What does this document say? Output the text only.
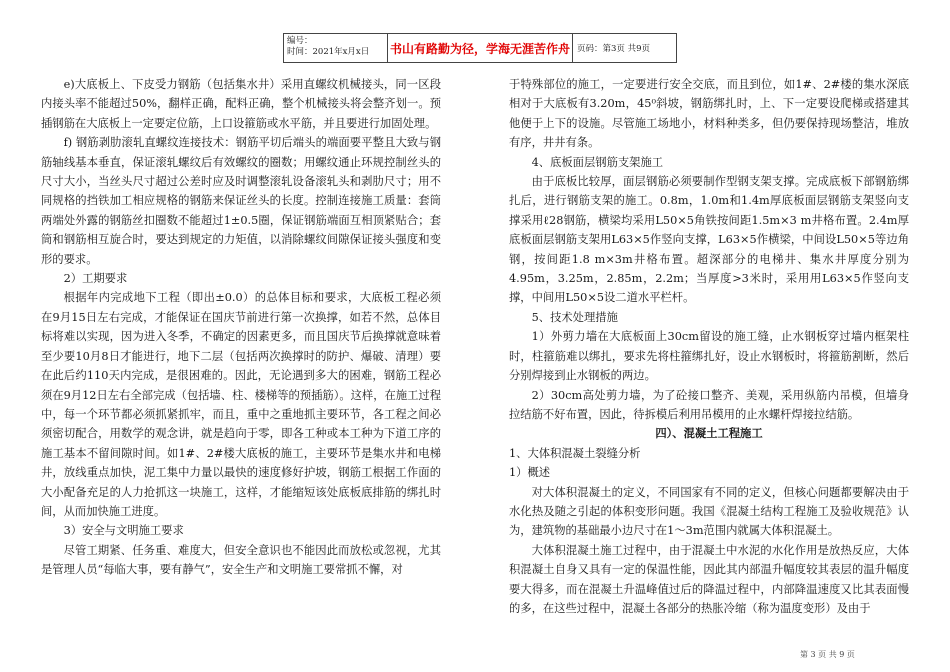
编号：
时间：2021年x月x日	书山有路勤为径，学海无涯苦作舟 页码：第3页 共9页

e)大底板上、下皮受力钢筋（包括集水井）采用直螺纹机械接头，同一区段内接头率不能超过50%，翻样正确，配料正确，整个机械接头将会整齐划一。预插钢筋在大底板上一定要定位筋，上口设箍筋或水平筋，并且要进行加固处理。

f) 钢筋剥肋滚轧直螺纹连接技术：钢筋平切后端头的端面要平整且大致与钢筋轴线基本垂直，保证滚轧螺纹后有效螺纹的圈数；用螺纹通止环规控制丝头的尺寸大小，当丝头尺寸超过公差时应及时调整滚轧设备滚轧头和剥肋尺寸；用不同规格的挡铁加工相应规格的钢筋来保证丝头的长度。控制连接施工质量：套筒两端处外露的钢筋丝扣圈数不能超过1±0.5圈，保证钢筋端面互相顶紧贴合；套筒和钢筋相互旋合时，要达到规定的力矩值，以消除螺纹间隙保证接头强度和变形的要求。

2）工期要求

根据年内完成地下工程（即出±0.0）的总体目标和要求，大底板工程必须在9月15日左右完成，才能保证在国庆节前进行第一次换撑，如若不然，总体目标将难以实现，因为进入冬季，不确定的因素更多，而且国庆节后换撑就意味着至少要10月8日才能进行，地下二层（包括两次换撑时的防护、爆破、清理）要在此后约110天内完成，是很困难的。因此，无论遇到多大的困难，钢筋工程必须在9月12日左右全部完成（包括墙、柱、楼梯等的预插筋）。这样，在施工过程中，每一个环节都必须抓紧抓牢，而且，重中之重地抓主要环节，各工程之间必须密切配合，用数学的观念讲，就是趋向于零，即各工种或本工种为下道工序的施工基本不留间隙时间。如1#、2#楼大底板的施工，主要环节是集水井和电梯井，放线重点加快，泥工集中力量以最快的速度修好护坡，钢筋工根据工作面的大小配备充足的人力抢抓这一块施工，这样，才能缩短该处底板底排筋的绑扎时间，从而加快施工进度。

3）安全与文明施工要求

尽管工期紧、任务重、难度大，但安全意识也不能因此而放松或忽视，尤其是管理人员“每临大事，要有静气”，安全生产和文明施工要常抓不懈，对

于特殊部位的施工，一定要进行安全交底，而且到位，如1#、2#楼的集水深底相对于大底板有3.20m，45⁰斜坡，钢筋绑扎时，上、下一定要设爬梯或搭建其他便于上下的设施。尽管施工场地小，材料种类多，但仍要保持现场整洁，堆放有序，井井有条。

4、底板面层钢筋支架施工

由于底板比较厚，面层钢筋必须要制作型钢支架支撑。完成底板下部钢筋绑扎后，进行钢筋支架的施工。0.8m，1.0m和1.4m厚底板面层钢筋支架竖向支撑采用ℓ28钢筋，横梁均采用L50×5角铁按间距1.5m×3 m井格布置。2.4m厚底板面层钢筋支架用L63×5作竖向支撑，L63×5作横梁，中间设L50×5等边角钢，按间距1.8 m×3m井格布置。超深部分的电梯井、集水井厚度分别为4.95m，3.25m，2.85m，2.2m；当厚度>3米时，采用用L63×5作竖向支撑，中间用L50×5设二道水平栏杆。

5、技术处理措施

1）外剪力墙在大底板面上30cm留设的施工缝，止水钢板穿过墙内框架柱时，柱箍筋难以绑扎，要求先将柱箍绑扎好，设止水钢板时，将箍筋割断，然后分别焊接到止水钢板的两边。

2）30cm高处剪力墙，为了砼接口整齐、美观，采用纵筋内吊模，但墙身拉结筋不好布置，因此，待拆模后利用吊模用的止水螺杆焊接拉结筋。

四）、混凝土工程施工

1、大体积混凝土裂缝分析

1）概述

对大体积混凝土的定义，不同国家有不同的定义，但核心问题都要解决由于水化热及随之引起的体积变形问题。我国《混凝土结构工程施工及验收规范》认为，建筑物的基础最小边尺寸在1～3m范围内就属大体积混凝土。

大体积混凝土施工过程中，由于混凝土中水泥的水化作用是放热反应，大体积混凝土自身又具有一定的保温性能，因此其内部温升幅度较其表层的温升幅度要大得多，而在混凝土升温峰值过后的降温过程中，内部降温速度又比其表面慢的多，在这些过程中，混凝土各部分的热胀冷缩（称为温度变形）及由于

第 3 页 共 9 页
